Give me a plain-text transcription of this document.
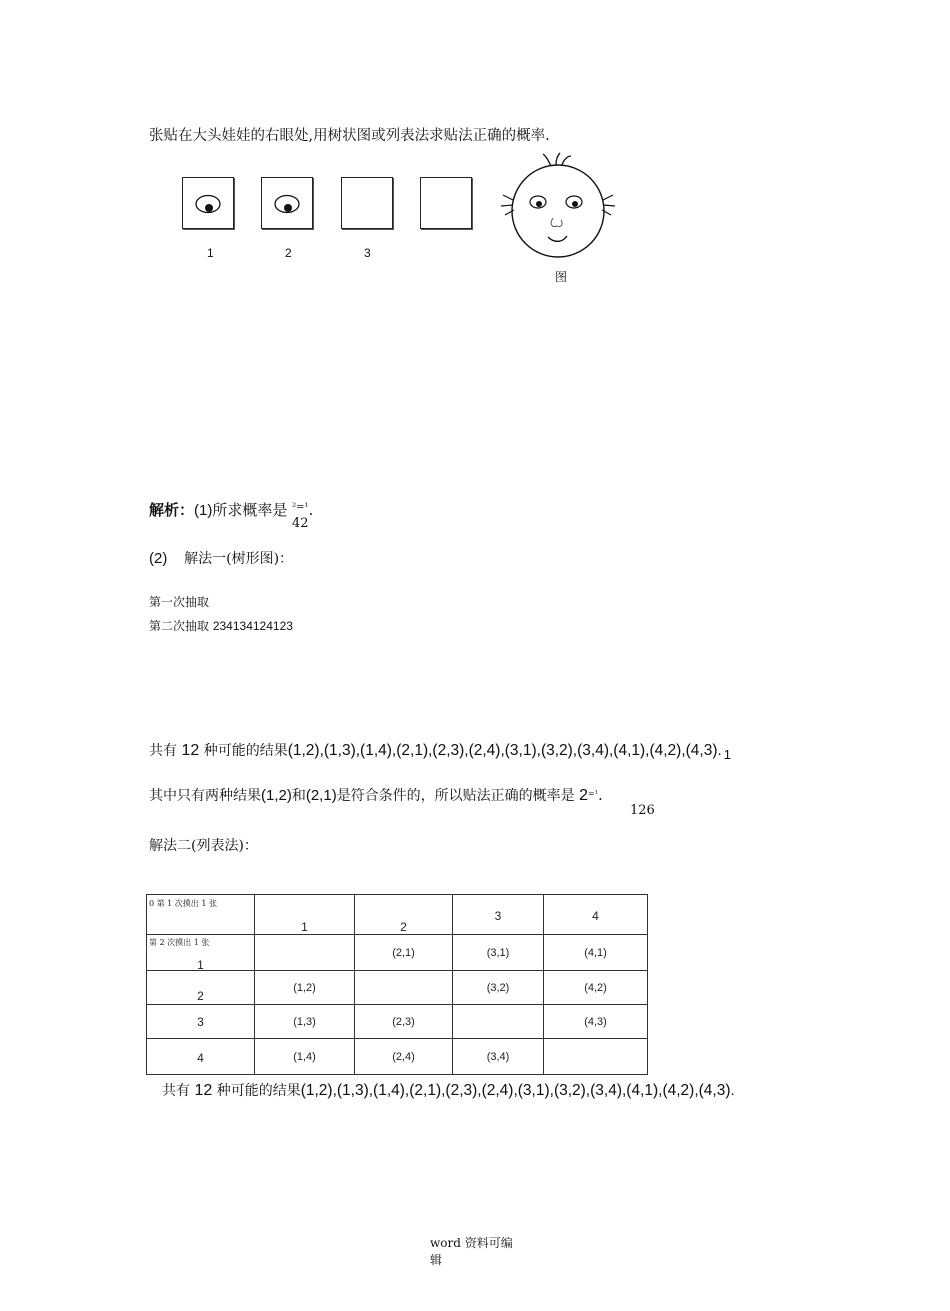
张贴在大头娃娃的右眼处,用树状图或列表法求贴法正确的概率.
1	2	3
图
解析：(1)所求概率是 $^{^2=^1}$.
42
(2) 解法一(树形图)：
第一次抽取
第二次抽取 234134124123
共有 12 种可能的结果(1,2),(1,3),(1,4),(2,1),(2,3),(2,4),(3,1),(3,2),(3,4),(4,1),(4,2),(4,3). 1
其中只有两种结果(1,2)和(2,1)是符合条件的，所以贴法正确的概率是 $2^{=^1}$.
126
解法二(列表法)：
0 第 1 次摸出 1 张	1	2	3	4

第 2 次摸出 1 张
1		(2,1)	(3,1)	(4,1)

2	(1,2)		(3,2)	(4,2)

3	(1,3)	(2,3)		(4,3)

4	(1,4)	(2,4)	(3,4)	
共有 12 种可能的结果(1,2),(1,3),(1,4),(2,1),(2,3),(2,4),(3,1),(3,2),(3,4),(4,1),(4,2),(4,3).
word 资料可编
辑
